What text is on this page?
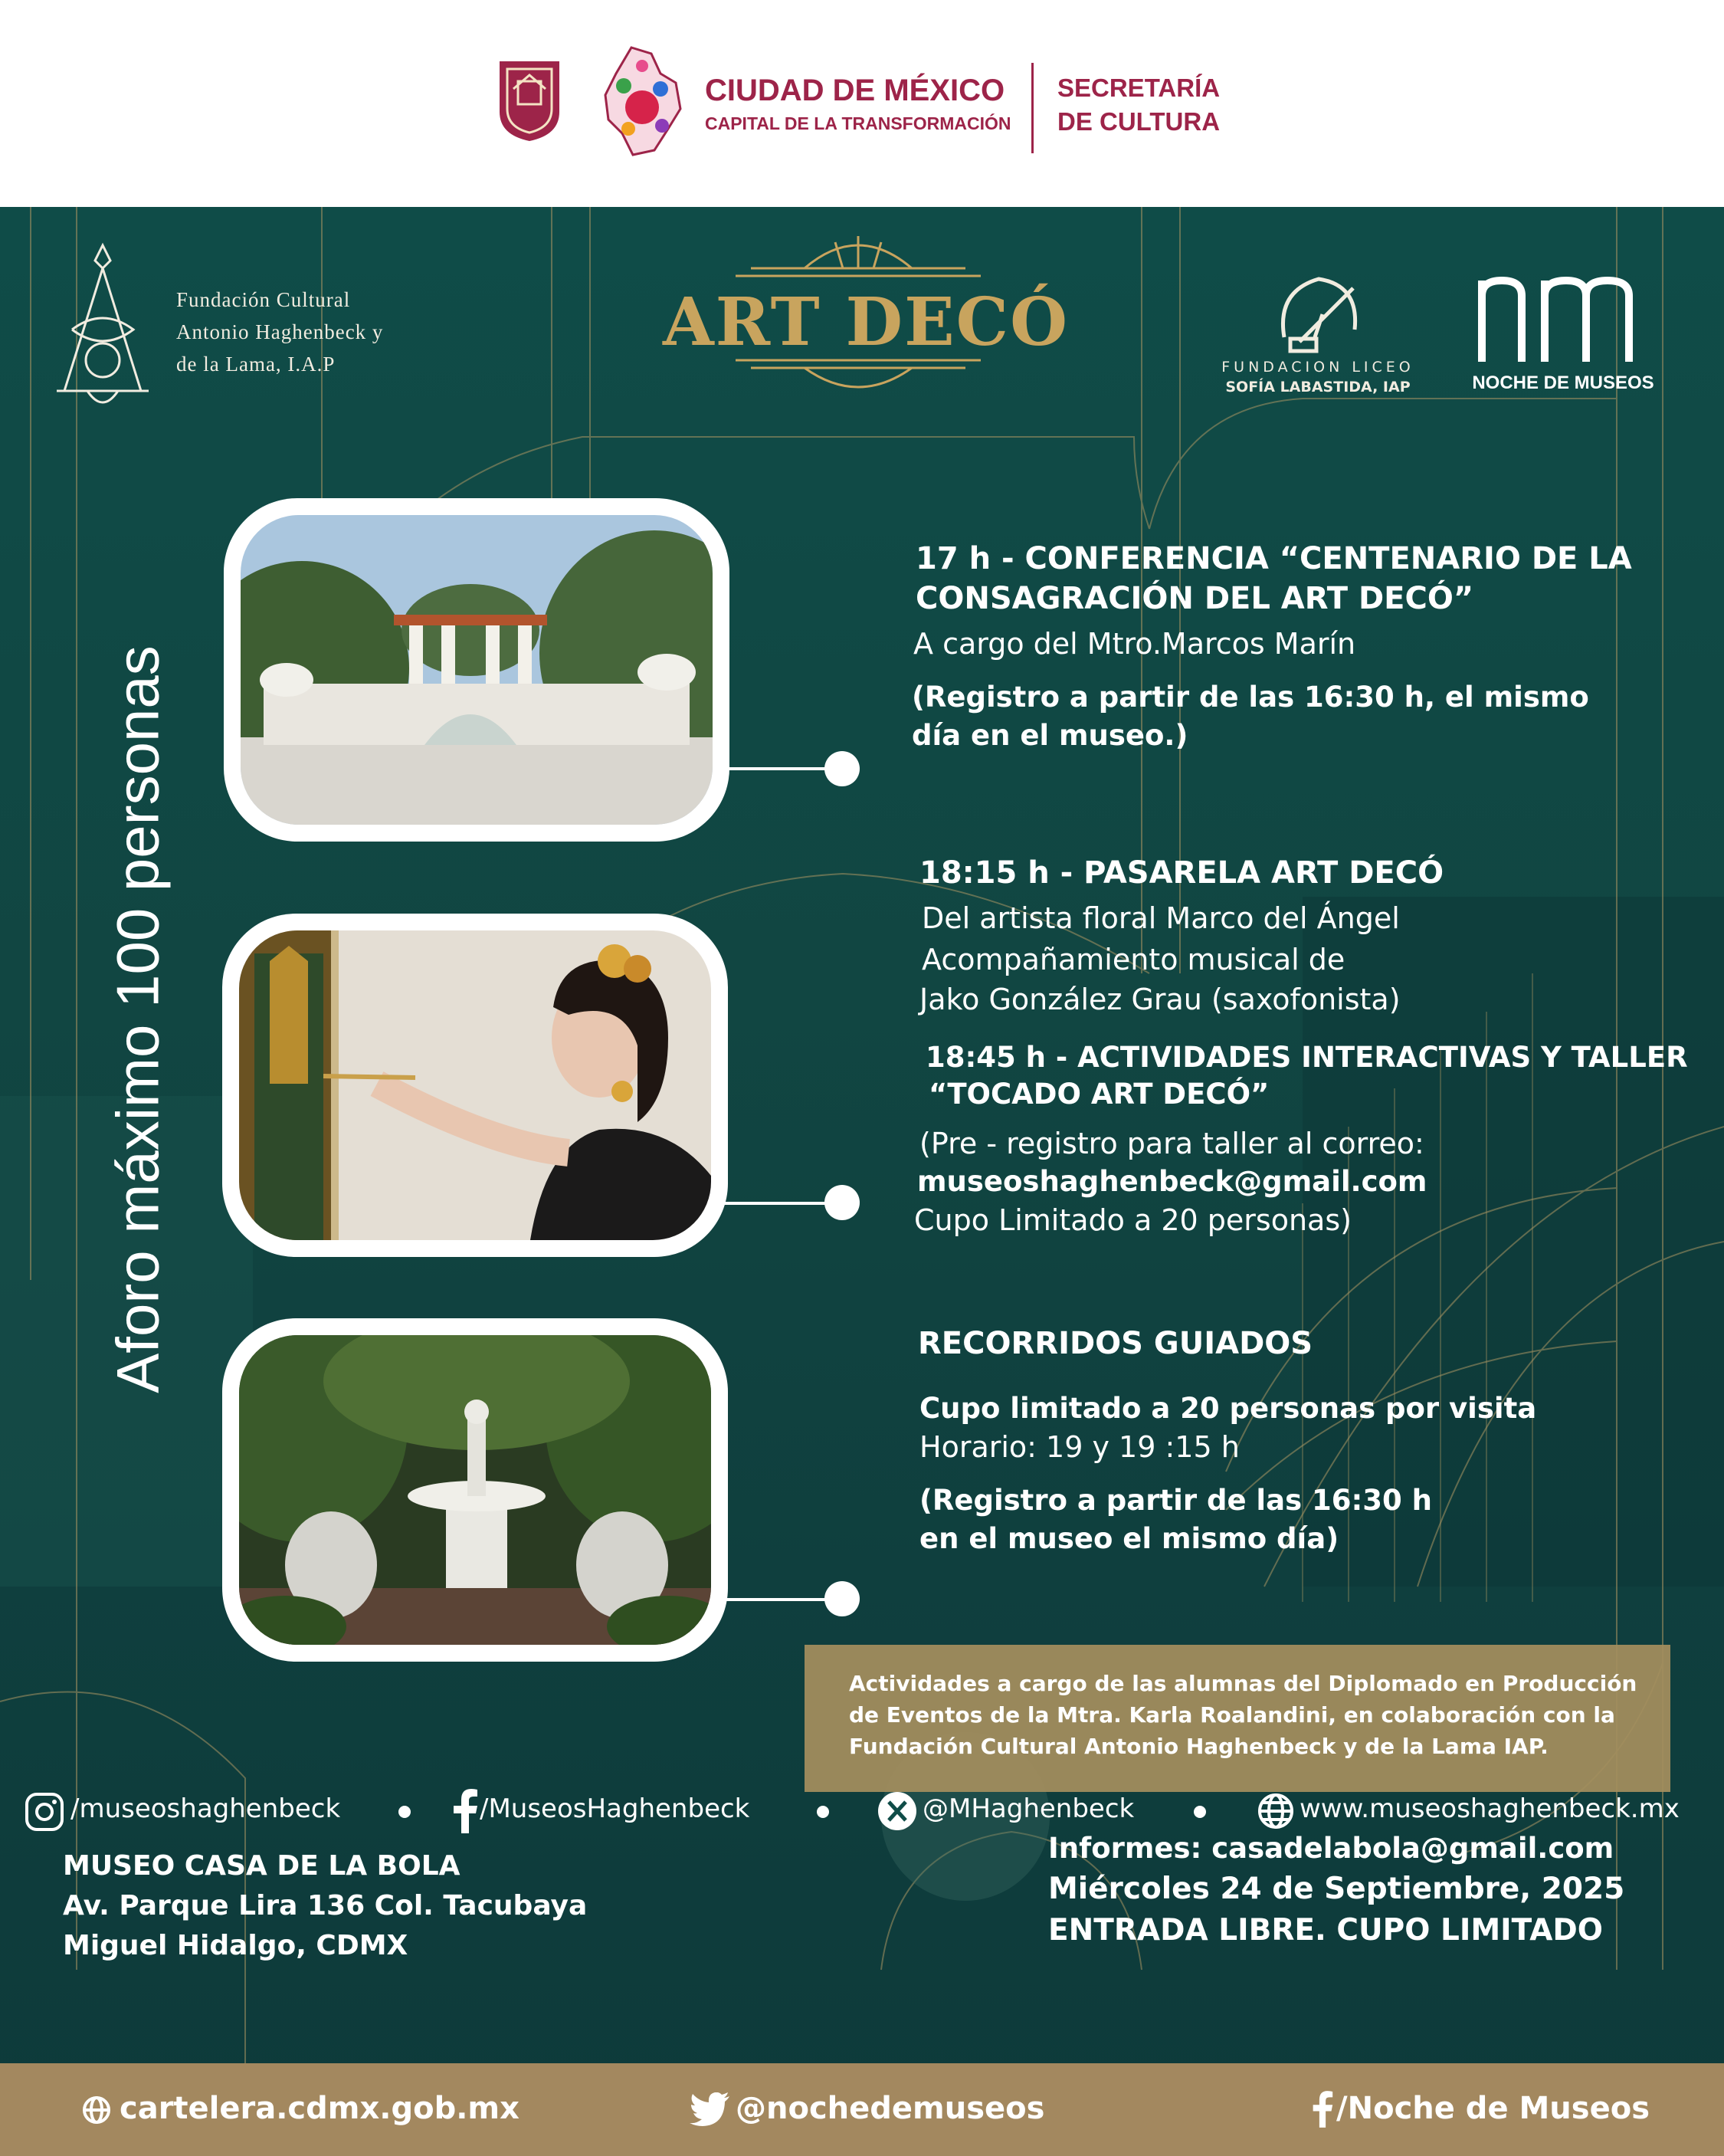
CIUDAD DE MÉXICO
CAPITAL DE LA TRANSFORMACIÓN
SECRETARÍA
DE CULTURA
Fundación Cultural
Antonio Haghenbeck y
de la Lama, I.A.P
ART DECÓ
FUNDACION LICEO
SOFÍA LABASTIDA, IAP	NOCHE DE MUSEOS
Aforo máximo 100 personas
17 h - CONFERENCIA “CENTENARIO DE LA
CONSAGRACIÓN DEL ART DECÓ”
A cargo del Mtro.Marcos Marín
(Registro a partir de las 16:30 h, el mismo
día en el museo.)
18:15 h - PASARELA ART DECÓ
Del artista floral Marco del Ángel
Acompañamiento musical de
Jako González Grau (saxofonista)
18:45 h - ACTIVIDADES INTERACTIVAS Y TALLER
“TOCADO ART DECÓ”
(Pre - registro para taller al correo:
museoshaghenbeck@gmail.com
Cupo Limitado a 20 personas)
RECORRIDOS GUIADOS
Cupo limitado a 20 personas por visita
Horario: 19 y 19 :15 h
(Registro a partir de las 16:30 h
en el museo el mismo día)
Actividades a cargo de las alumnas del Diplomado en Producción
de Eventos de la Mtra. Karla Roalandini, en colaboración con la
Fundación Cultural Antonio Haghenbeck y de la Lama IAP.
MUSEO CASA DE LA BOLA
Av. Parque Lira 136 Col. Tacubaya
Miguel Hidalgo, CDMX
Informes: casadelabola@gmail.com
Miércoles 24 de Septiembre, 2025
ENTRADA LIBRE. CUPO LIMITADO
/museoshaghenbeck	/MuseosHaghenbeck	@MHaghenbeck	www.museoshaghenbeck.mx
cartelera.cdmx.gob.mx	@nochedemuseos	/Noche de Museos
